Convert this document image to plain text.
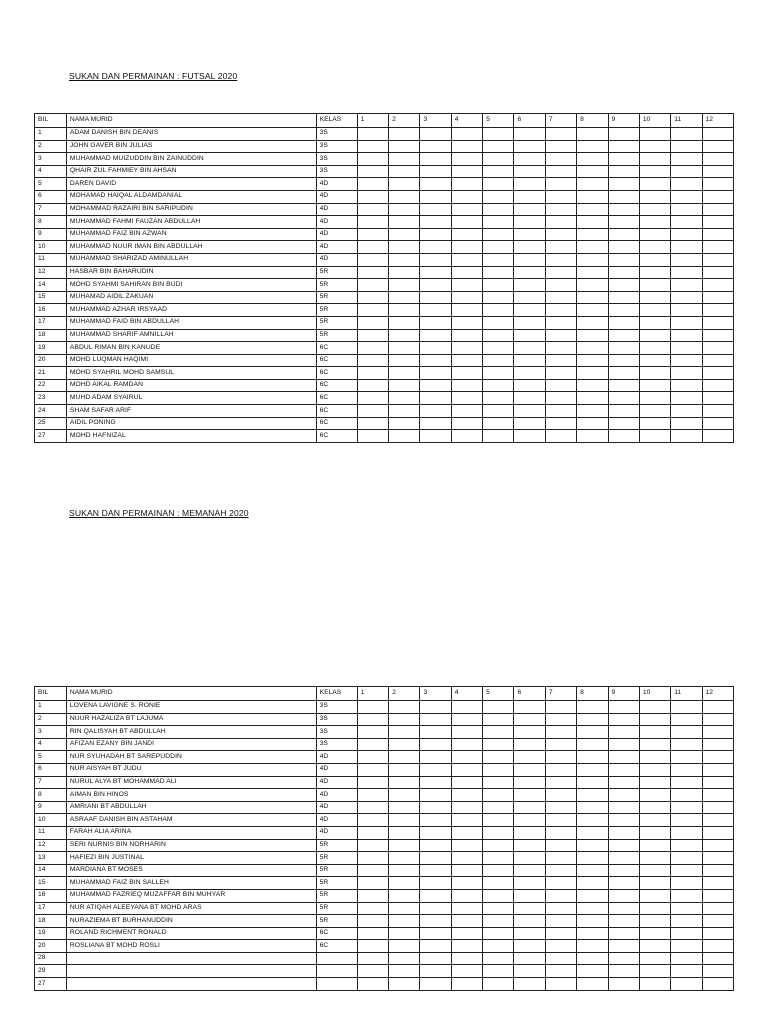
SUKAN DAN PERMAINAN : FUTSAL 2020
BIL	NAMA MURID	KELAS	1	2	3	4	5	6	7	8	9	10	11	12
1	ADAM DANISH BIN DEANIS	3S												
2	JOHN GAVER BIN JULIAS	3S												
3	MUHAMMAD MUIZUDDIN BIN ZAINUDDIN	3S												
4	QHAIR ZUL FAHMIEY BIN AHSAN	3S												
5	DAREN DAVID	4D												
6	MOHAMAD HAIQAL ALDAMDANIAL	4D												
7	MOHAMMAD RAZAIRI BIN SARIPUDIN	4D												
8	MUHAMMAD FAHMI FAUZAN ABDULLAH	4D												
9	MUHAMMAD FAIZ BIN AZWAN	4D												
10	MUHAMMAD NUUR IMAN BIN ABDULLAH	4D												
11	MUHAMMAD SHARIZAD AMINULLAH	4D												
12	HASBAR BIN BAHARUDIN	5R												
14	MOHD SYAHMI SAHIRAN BIN BUDI	5R												
15	MUHAMAD AIDIL ZAKUAN	5R												
16	MUHAMMAD AZHAR IRSYAAD	5R												
17	MUHAMMAD FAID BIN ABDULLAH	5R												
18	MUHAMMAD SHARIF AMNILLAH	5R												
19	ABDUL RIMAN BIN KANUDE	6C												
20	MOHD LUQMAN HAQIMI	6C												
21	MOHD SYAHRIL MOHD SAMSUL	6C												
22	MOHD AIKAL RAMDAN	6C												
23	MUHD ADAM SYAIRUL	6C												
24	SHAM SAFAR ARIF	6C												
25	AIDIL PONING	6C												
27	MOHD HAFNIZAL	6C												
SUKAN DAN PERMAINAN : MEMANAH 2020
BIL	NAMA MURID	KELAS	1	2	3	4	5	6	7	8	9	10	11	12
1	LOVENA LAVIGNE S. RONIE	3S												
2	NUUR HAZALIZA BT LAJUMA	3S												
3	RIN QALISYAH BT ABDULLAH	3S												
4	AFIZAN EZANY BIN JANDI	3S												
5	NUR SYUHADAH BT SAREPUDDIN	4D												
6	NUR AISYAH BT JUDU	4D												
7	NURUL ALYA BT MOHAMMAD ALI	4D												
8	AIMAN BIN HINOS	4D												
9	AMRIANI BT ABDULLAH	4D												
10	ASRAAF DANISH BIN ASTAHAM	4D												
11	FARAH ALIA ARINA	4D												
12	SERI NURNIS BIN NORHARIN	5R												
13	HAFIEZI BIN JUSTINAL	5R												
14	MARDIANA BT MOSES	5R												
15	MUHAMMAD FAIZ BIN SALLEH	5R												
16	MUHAMMAD FAZRIEQ MUZAFFAR BIN MUHYAR	5R												
17	NUR ATIQAH ALEEYANA BT MOHD ARAS	5R												
18	NURAZIEMA BT BURHANUDDIN	5R												
19	ROLAND RICHMENT RONALD	6C												
20	ROSLIANA BT MOHD ROSLI	6C												
28														
29														
27														
